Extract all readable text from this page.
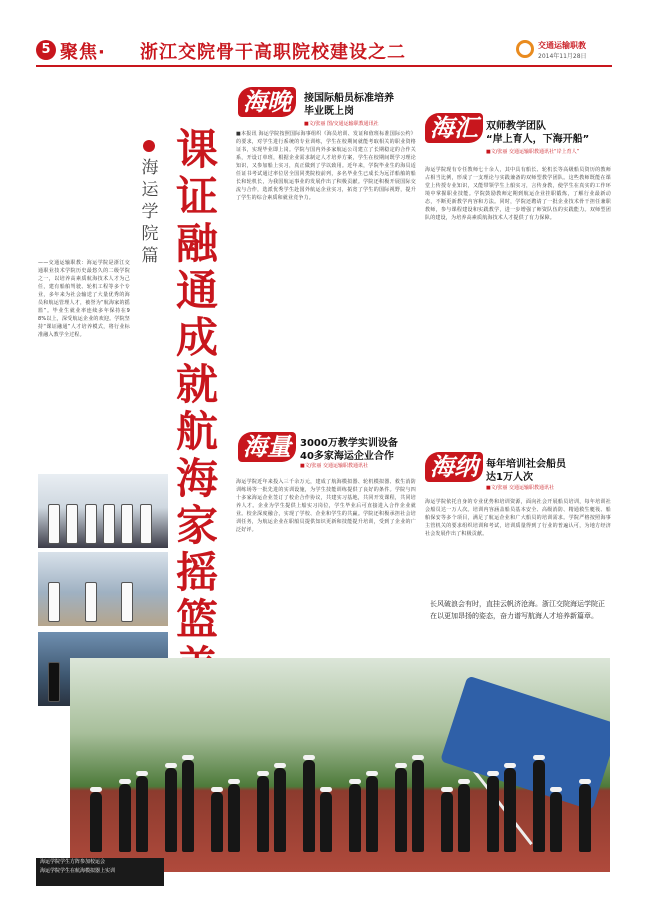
5 聚焦· 浙江交院骨干高职院校建设之二	交通运输职教
2014年11月28日
海
运
学
院
篇
课
证
融
通
成
就
航
海
家
摇
篮
——交通运输职教：海运学院是浙江交通职业技术学院历史最悠久的二级学院之一，以培养高素质航海技术人才为己任，建有船舶驾驶、轮机工程等多个专业，多年来为社会输送了大量优秀的海员和航运管理人才，被誉为“航海家的摇篮”。毕业生就业率连续多年保持在98%以上，深受航运企业的欢迎。学院坚持“课证融通”人才培养模式，将行业标准融入教学全过程。
海晚	接国际船员标准培养
毕业既上岗
■文/张丽 图/交通运输职教通讯社
■本报讯 海运学院按照国际海事组织《海员培训、发证和值班标准国际公约》的要求，对学生进行系统的专业训练，学生在校期间就能考取相关的职业资格证书，实现毕业即上岗。学院与国内外多家航运公司建立了长期稳定的合作关系，开设订单班，根据企业需求制定人才培养方案，学生在校期间既学习理论知识，又参加船上实习，真正做到了学以致用。近年来，学院毕业生的海员适任证书考试通过率位居全国同类院校前列，多名毕业生已成长为远洋船舶的船长和轮机长，为我国航运事业的发展作出了积极贡献。学院还积极开展国际交流与合作，选派优秀学生赴国外航运企业实习，拓宽了学生的国际视野，提升了学生的综合素质和就业竞争力。
海汇 双师教学团队
“岸上育人，下海开船”
■文/张丽 交通运输职教通讯社“岸上育人”
海运学院现有专任教师七十余人，其中具有船长、轮机长等高级船员资历的教师占相当比例，形成了一支理论与实践兼备的双师型教学团队。这些教师既能在课堂上传授专业知识，又能带领学生上船实习，言传身教，使学生在真实的工作环境中掌握职业技能。学院鼓励教师定期到航运企业挂职锻炼，了解行业最新动态，不断更新教学内容和方法。同时，学院还聘请了一批企业技术骨干担任兼职教师，参与课程建设和实践教学，进一步增强了师资队伍的实践能力。双师型团队的建设，为培养高素质航海技术人才提供了有力保障。
海量 3000万教学实训设备
40多家海运企业合作
■文/张丽 交通运输职教通讯社
海运学院近年来投入三千余万元，建成了航海模拟器、轮机模拟器、救生消防训练场等一批先进的实训设施，为学生技能训练提供了良好的条件。学院与四十多家海运企业签订了校企合作协议，共建实习基地，共同开发课程，共同培养人才。企业为学生提供上船实习岗位，学生毕业后可直接进入合作企业就业。校企深度融合，实现了学校、企业和学生的共赢。学院还积极承担社会培训任务，为航运企业在职船员提供知识更新和技能提升培训，受到了企业的广泛好评。
海纳 每年培训社会船员
达1万人次
■文/张丽 交通运输职教通讯社
海运学院依托自身的专业优势和培训资源，面向社会开展船员培训，每年培训社会船员达一万人次。培训内容涵盖船员基本安全、高级消防、精通救生艇筏、船舶保安等多个项目，满足了航运企业和广大船员的培训需求。学院严格按照海事主管机关的要求组织培训和考试，培训质量得到了行业的普遍认可，为地方经济社会发展作出了积极贡献。
长风破浪会有时，直挂云帆济沧海。浙江交院海运学院正在以更加昂扬的姿态，奋力谱写航海人才培养新篇章。
海运学院学生方阵参加校运会
海运学院学生在航海模拟器上实训
